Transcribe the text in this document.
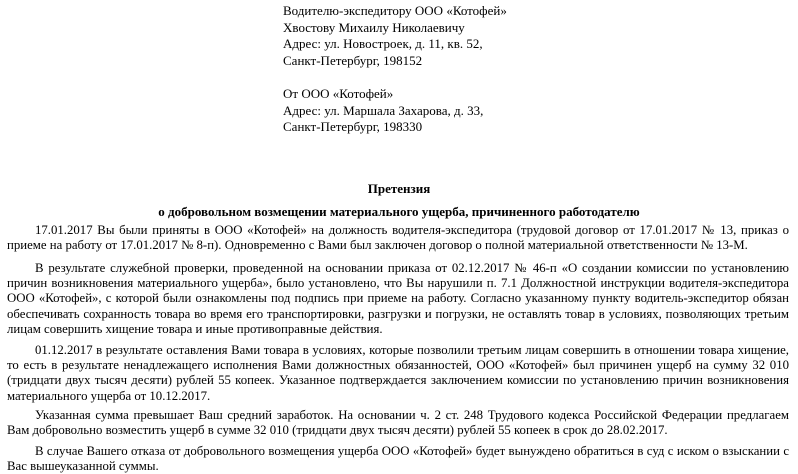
Водителю-экспедитору ООО «Котофей»
Хвостову Михаилу Николаевичу
Адрес: ул. Новостроек, д. 11, кв. 52,
Санкт-Петербург, 198152
От ООО «Котофей»
Адрес: ул. Маршала Захарова, д. 33,
Санкт-Петербург, 198330
Претензия
о добровольном возмещении материального ущерба, причиненного работодателю
17.01.2017 Вы были приняты в ООО «Котофей» на должность водителя-экспедитора (трудовой договор от 17.01.2017 № 13, приказ о приеме на работу от 17.01.2017 № 8-п). Одновременно с Вами был заключен договор о полной материальной ответственности № 13-М.
В результате служебной проверки, проведенной на основании приказа от 02.12.2017 № 46-п «О создании комиссии по установлению причин возникновения материального ущерба», было установлено, что Вы нарушили п. 7.1 Должностной инструкции водителя-экспедитора ООО «Котофей», с которой были ознакомлены под подпись при приеме на работу. Согласно указанному пункту водитель-экспедитор обязан обеспечивать сохранность товара во время его транспортировки, разгрузки и погрузки, не оставлять товар в условиях, позволяющих третьим лицам совершить хищение товара и иные противоправные действия.
01.12.2017 в результате оставления Вами товара в условиях, которые позволили третьим лицам совершить в отношении товара хищение, то есть в результате ненадлежащего исполнения Вами должностных обязанностей, ООО «Котофей» был причинен ущерб на сумму 32 010 (тридцати двух тысяч десяти) рублей 55 копеек. Указанное подтверждается заключением комиссии по установлению причин возникновения материального ущерба от 10.12.2017.
Указанная сумма превышает Ваш средний заработок. На основании ч. 2 ст. 248 Трудового кодекса Российской Федерации предлагаем Вам добровольно возместить ущерб в сумме 32 010 (тридцати двух тысяч десяти) рублей 55 копеек в срок до 28.02.2017.
В случае Вашего отказа от добровольного возмещения ущерба ООО «Котофей» будет вынуждено обратиться в суд с иском о взыскании с Вас вышеуказанной суммы.
